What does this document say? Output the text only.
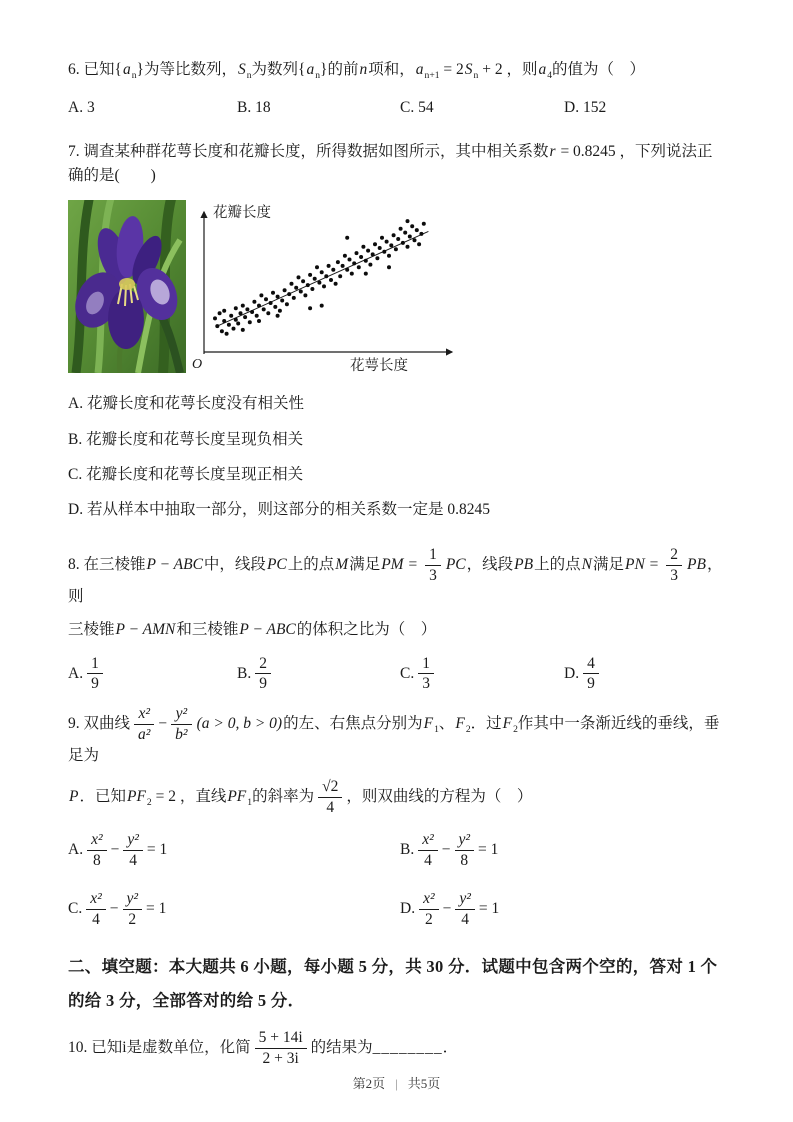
6. 已知$\{a_n\}$为等比数列，$S_n$为数列$\{a_n\}$的前n项和，$a_{n+1} = 2S_n + 2$ ，则$a_4$的值为（　）

A. 3	B. 18	C. 54	D. 152

7. 调查某种群花萼长度和花瓣长度，所得数据如图所示，其中相关系数r = 0.8245 ，下列说法正确的是(　　)

花瓣长度
O	花萼长度

A. 花瓣长度和花萼长度没有相关性

B. 花瓣长度和花萼长度呈现负相关

C. 花瓣长度和花萼长度呈现正相关

D. 若从样本中抽取一部分，则这部分的相关系数一定是 0.8245

8. 在三棱锥P − ABC中，线段PC上的点M满足PM = $\frac{1}{3}$ PC，线段PB上的点N满足PN = $\frac{2}{3}$ PB，则

三棱锥P − AMN和三棱锥P − ABC的体积之比为（　）

A. $\frac{1}{9}$	B. $\frac{2}{9}$	C. $\frac{1}{3}$	D. $\frac{4}{9}$

9. 双曲线 $\frac{\text{x²}}{\text{a²}} - \frac{\text{y²}}{\text{b²}} (a > 0$, b > 0)的左、右焦点分别为$F_1$、$F_2$．过$F_2$作其中一条渐近线的垂线，垂足为

P．已知$PF_2 = 2$ ，直线$PF_1$的斜率为 $\frac{√2}{4}$ ，则双曲线的方程为（　）

A. $\frac{\text{x²}}{8} - \frac{\text{y²}}{4} = 1$	B. $\frac{\text{x²}}{4} - \frac{\text{y²}}{8} = 1$
C. $\frac{\text{x²}}{4} - \frac{\text{y²}}{2} = 1$	D. $\frac{\text{x²}}{2} - \frac{\text{y²}}{4} = 1$

二、填空题：本大题共 6 小题，每小题 5 分，共 30 分．试题中包含两个空的，答对 1 个的给 3 分，全部答对的给 5 分．

10. 已知i是虚数单位，化简 $\frac{5 + 14i}{2 + 3i}$ 的结果为________．

第2页 | 共5页
